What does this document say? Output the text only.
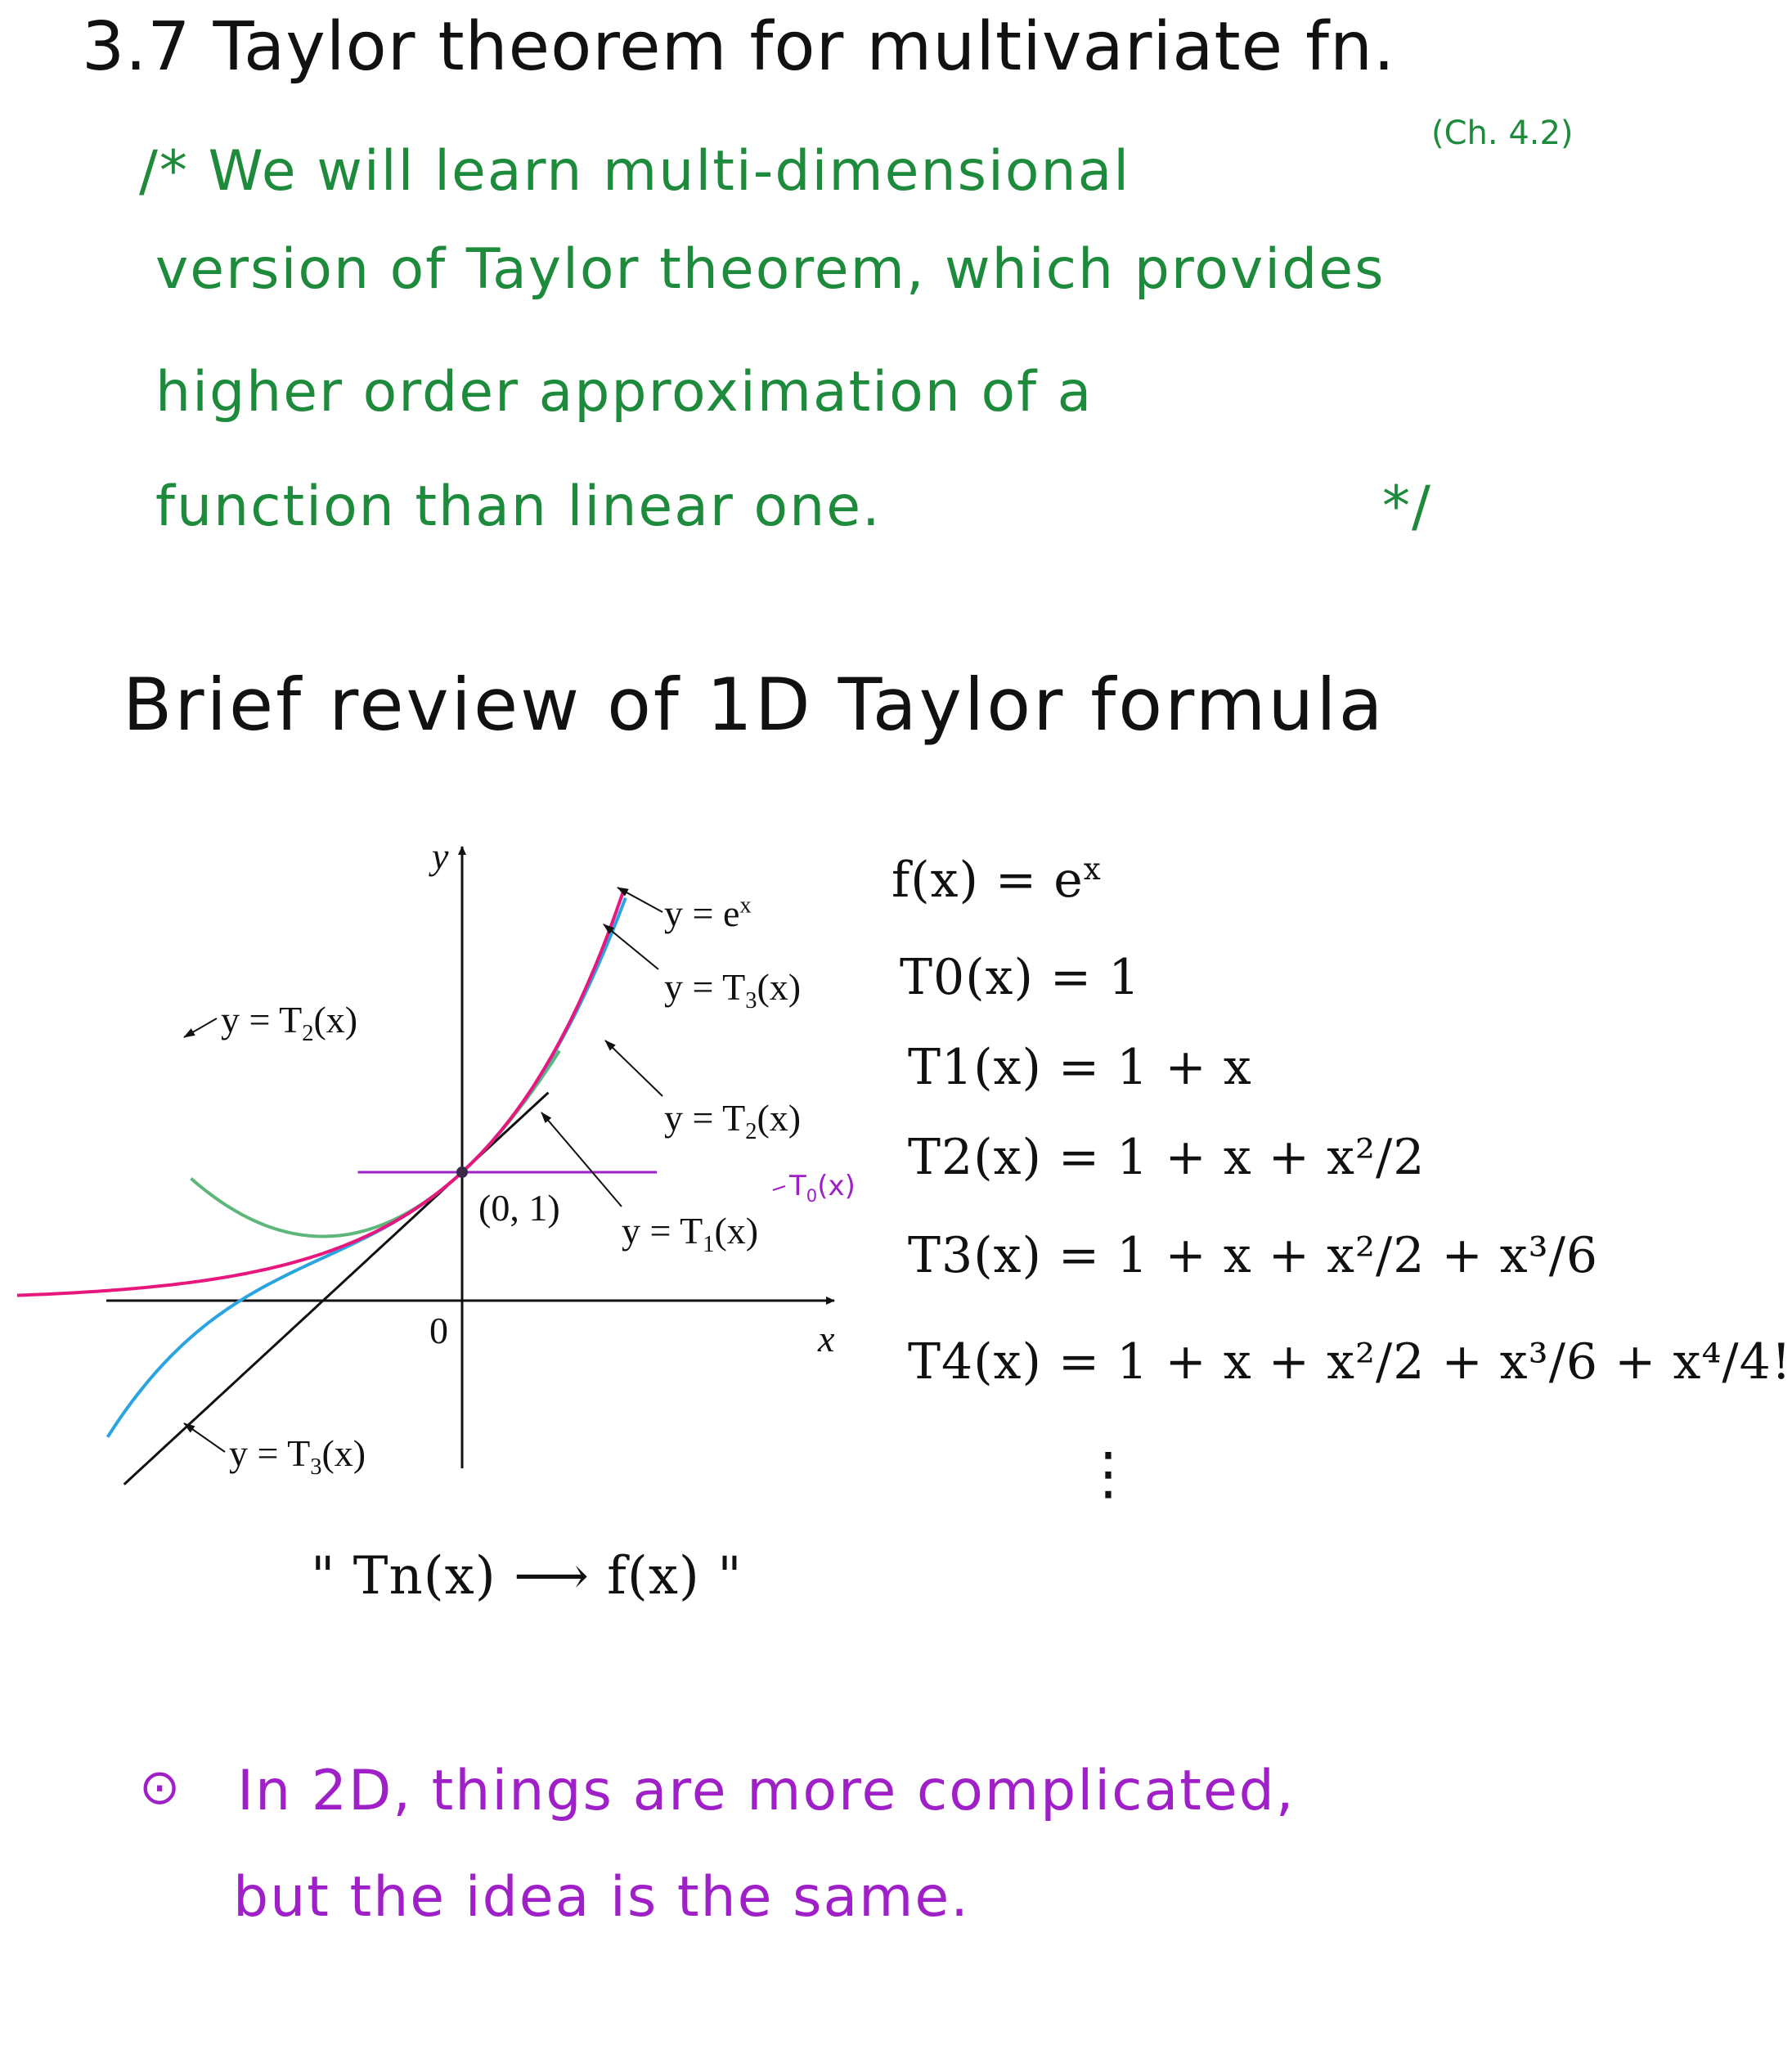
3.7 Taylor theorem for multivariate fn.
/* We will learn multi-dimensional
(Ch. 4.2)
version of Taylor theorem, which provides
higher order approximation of a
function than linear one.	*/
Brief review of 1D Taylor formula
y
x
0
(0, 1)
$y = e^x$
$y = T_3(x)$
$y = T_2(x)$
$y = T_1(x)$
$y = T_2(x)$
$y = T_3(x)$
$T_0(x)$
$f(x) = e^x$
T0(x) = 1
T1(x) = 1 + x
T2(x) = 1 + x + x²/2
T3(x) = 1 + x + x²/2 + x³/6
T4(x) = 1 + x + x²/2 + x³/6 + x⁴/4!
⋮
" Tn(x) ⟶ f(x) "
⊙ In 2D, things are more complicated,
but the idea is the same.
